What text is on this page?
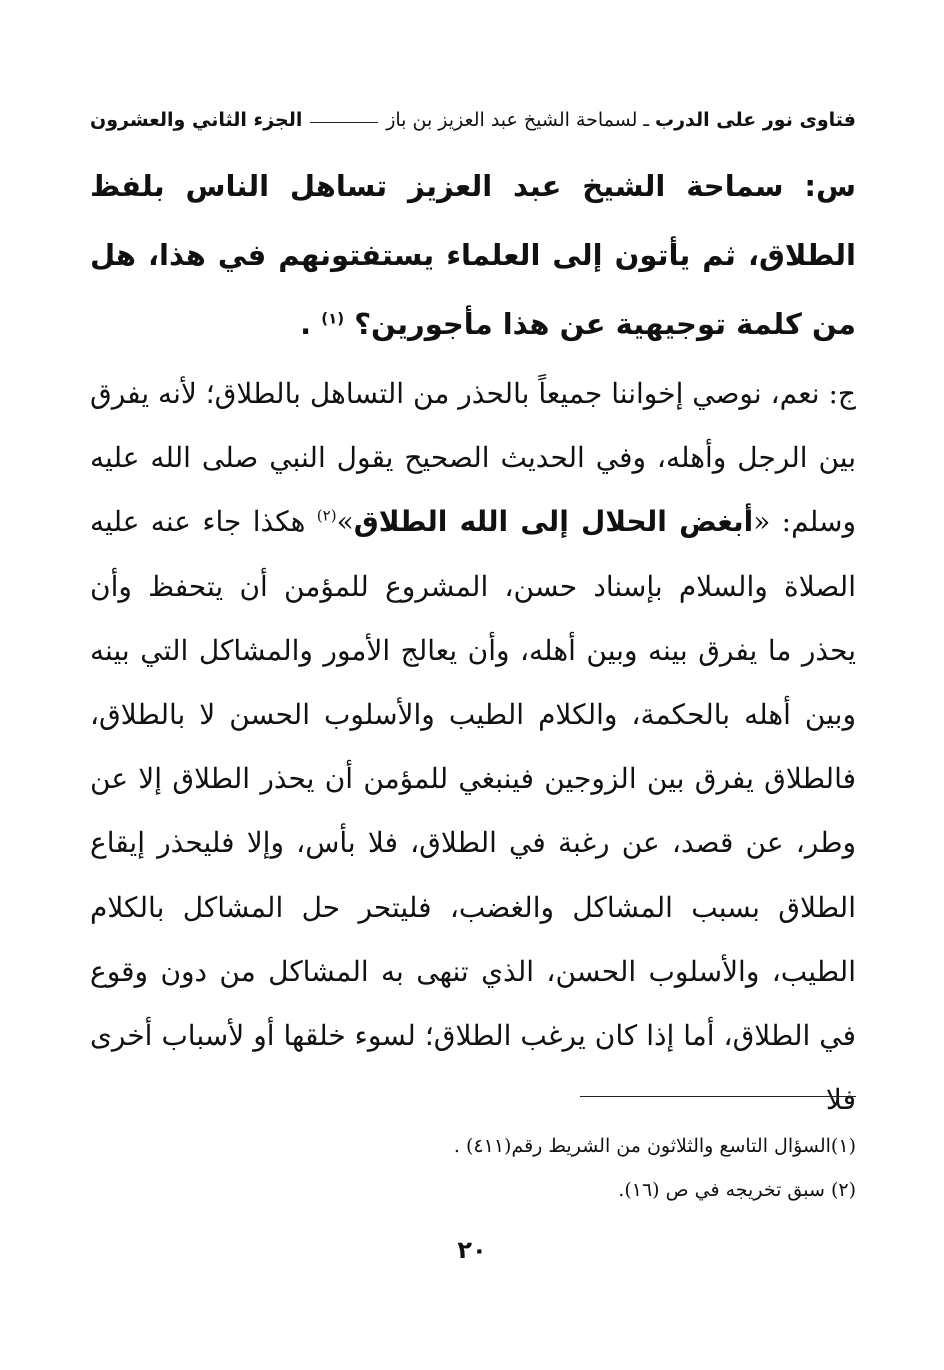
فتاوى نور على الدرب
ـ
لسماحة الشيخ عبد العزيز بن باز
الجزء الثاني والعشرون
س: سماحة الشيخ عبد العزيز تساهل الناس بلفظ الطلاق، ثم يأتون إلى العلماء يستفتونهم في هذا، هل من كلمة توجيهية عن هذا مأجورين؟ $^{(١)}$ .
ج: نعم، نوصي إخواننا جميعاً بالحذر من التساهل بالطلاق؛ لأنه يفرق بين الرجل وأهله، وفي الحديث الصحيح يقول النبي صلى الله عليه وسلم: «أبغض الحلال إلى الله الطلاق»$^{(٢)}$ هكذا جاء عنه عليه الصلاة والسلام بإسناد حسن، المشروع للمؤمن أن يتحفظ وأن يحذر ما يفرق بينه وبين أهله، وأن يعالج الأمور والمشاكل التي بينه وبين أهله بالحكمة، والكلام الطيب والأسلوب الحسن لا بالطلاق، فالطلاق يفرق بين الزوجين فينبغي للمؤمن أن يحذر الطلاق إلا عن وطر، عن قصد، عن رغبة في الطلاق، فلا بأس، وإلا فليحذر إيقاع الطلاق بسبب المشاكل والغضب، فليتحر حل المشاكل بالكلام الطيب، والأسلوب الحسن، الذي تنهى به المشاكل من دون وقوع في الطلاق، أما إذا كان يرغب الطلاق؛ لسوء خلقها أو لأسباب أخرى فلا
(١)السؤال التاسع والثلاثون من الشريط رقم(٤١١) .
(٢) سبق تخريجه في ص (١٦).
٢٠
